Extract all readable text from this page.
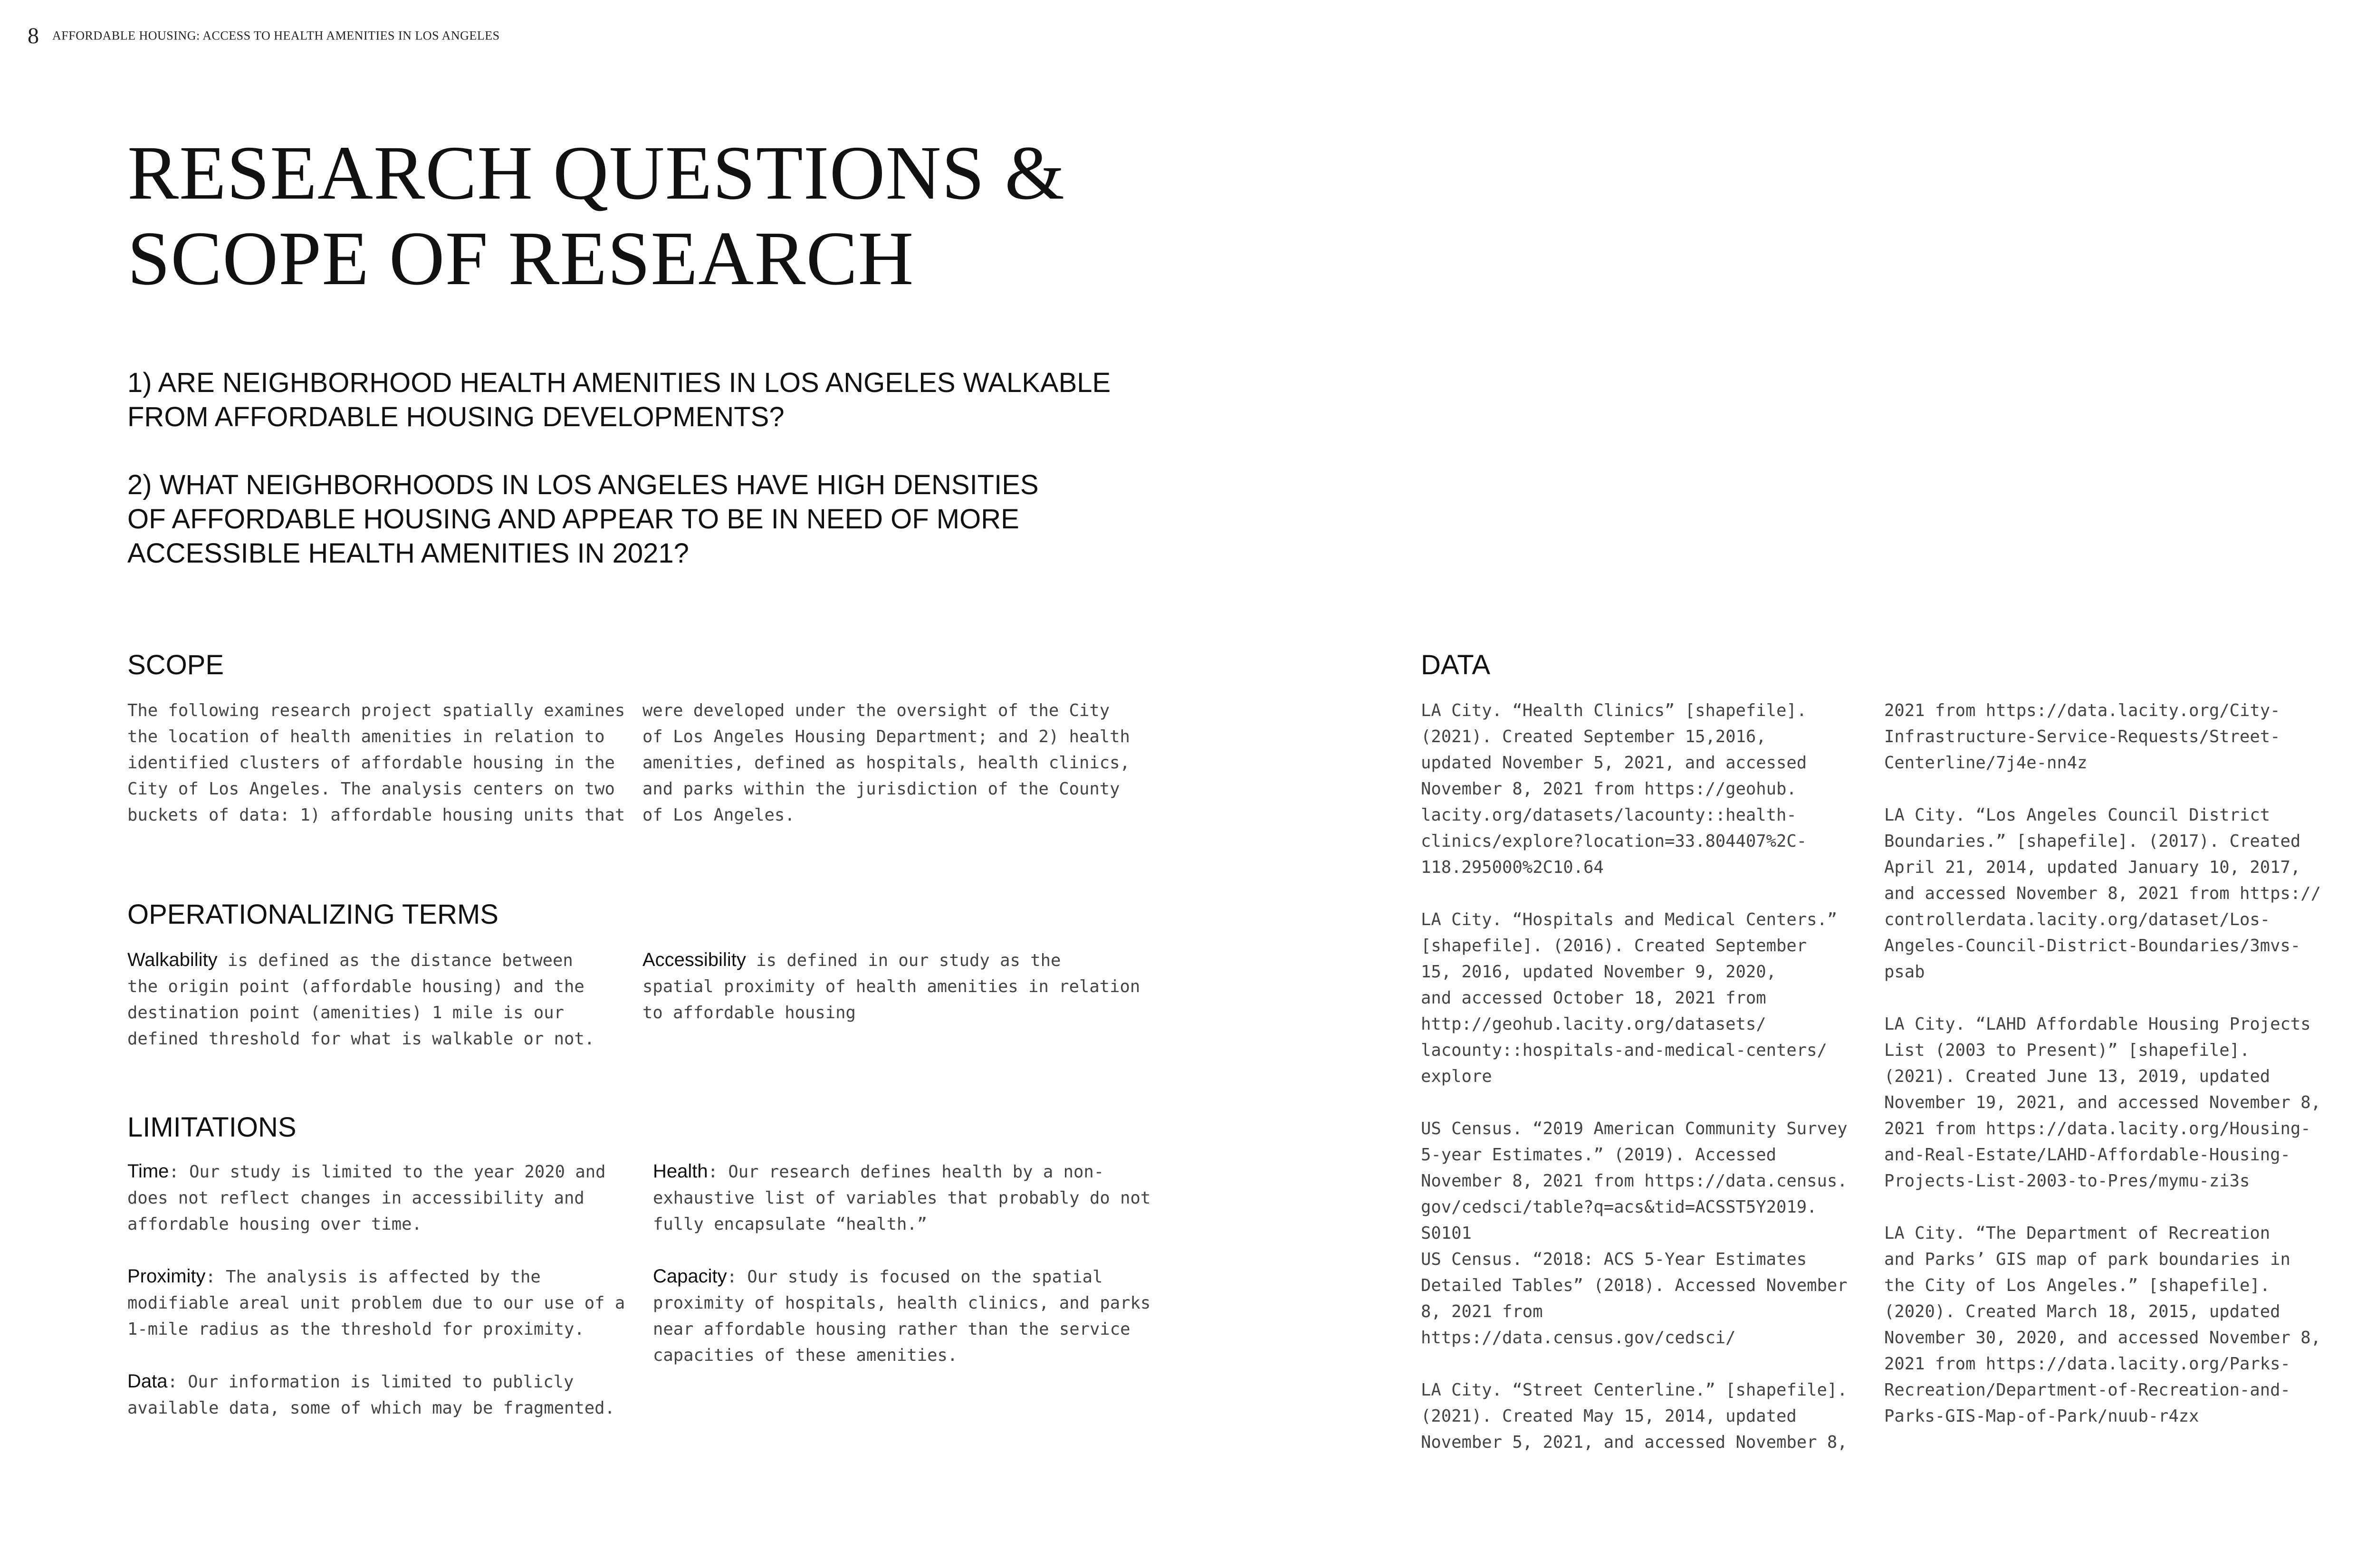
8 AFFORDABLE HOUSING: ACCESS TO HEALTH AMENITIES IN LOS ANGELES
RESEARCH QUESTIONS &
SCOPE OF RESEARCH
1) ARE NEIGHBORHOOD HEALTH AMENITIES IN LOS ANGELES WALKABLE
FROM AFFORDABLE HOUSING DEVELOPMENTS?
2) WHAT NEIGHBORHOODS IN LOS ANGELES HAVE HIGH DENSITIES
OF AFFORDABLE HOUSING AND APPEAR TO BE IN NEED OF MORE
ACCESSIBLE HEALTH AMENITIES IN 2021?
SCOPE
The following research project spatially examines
the location of health amenities in relation to
identified clusters of affordable housing in the
City of Los Angeles. The analysis centers on two
buckets of data: 1) affordable housing units that
were developed under the oversight of the City
of Los Angeles Housing Department; and 2) health
amenities, defined as hospitals, health clinics,
and parks within the jurisdiction of the County
of Los Angeles.
OPERATIONALIZING TERMS
Walkability is defined as the distance between
the origin point (affordable housing) and the
destination point (amenities) 1 mile is our
defined threshold for what is walkable or not.
Accessibility is defined in our study as the
spatial proximity of health amenities in relation
to affordable housing
LIMITATIONS
Time: Our study is limited to the year 2020 and
does not reflect changes in accessibility and
affordable housing over time.
Proximity: The analysis is affected by the
modifiable areal unit problem due to our use of a
1-mile radius as the threshold for proximity.
Data: Our information is limited to publicly
available data, some of which may be fragmented.
Health: Our research defines health by a non-
exhaustive list of variables that probably do not
fully encapsulate “health.”
Capacity: Our study is focused on the spatial
proximity of hospitals, health clinics, and parks
near affordable housing rather than the service
capacities of these amenities.
DATA
LA City. “Health Clinics” [shapefile].
(2021). Created September 15,2016,
updated November 5, 2021, and accessed
November 8, 2021 from https://geohub.
lacity.org/datasets/lacounty::health-
clinics/explore?location=33.804407%2C-
118.295000%2C10.64
LA City. “Hospitals and Medical Centers.”
[shapefile]. (2016). Created September
15, 2016, updated November 9, 2020,
and accessed October 18, 2021 from
http://geohub.lacity.org/datasets/
lacounty::hospitals-and-medical-centers/
explore
US Census. “2019 American Community Survey
5-year Estimates.” (2019). Accessed
November 8, 2021 from https://data.census.
gov/cedsci/table?q=acs&tid=ACSST5Y2019.
S0101
US Census. “2018: ACS 5-Year Estimates
Detailed Tables” (2018). Accessed November
8, 2021 from
https://data.census.gov/cedsci/
LA City. “Street Centerline.” [shapefile].
(2021). Created May 15, 2014, updated
November 5, 2021, and accessed November 8,
2021 from https://data.lacity.org/City-
Infrastructure-Service-Requests/Street-
Centerline/7j4e-nn4z
LA City. “Los Angeles Council District
Boundaries.” [shapefile]. (2017). Created
April 21, 2014, updated January 10, 2017,
and accessed November 8, 2021 from https://
controllerdata.lacity.org/dataset/Los-
Angeles-Council-District-Boundaries/3mvs-
psab
LA City. “LAHD Affordable Housing Projects
List (2003 to Present)” [shapefile].
(2021). Created June 13, 2019, updated
November 19, 2021, and accessed November 8,
2021 from https://data.lacity.org/Housing-
and-Real-Estate/LAHD-Affordable-Housing-
Projects-List-2003-to-Pres/mymu-zi3s
LA City. “The Department of Recreation
and Parks’ GIS map of park boundaries in
the City of Los Angeles.” [shapefile].
(2020). Created March 18, 2015, updated
November 30, 2020, and accessed November 8,
2021 from https://data.lacity.org/Parks-
Recreation/Department-of-Recreation-and-
Parks-GIS-Map-of-Park/nuub-r4zx
